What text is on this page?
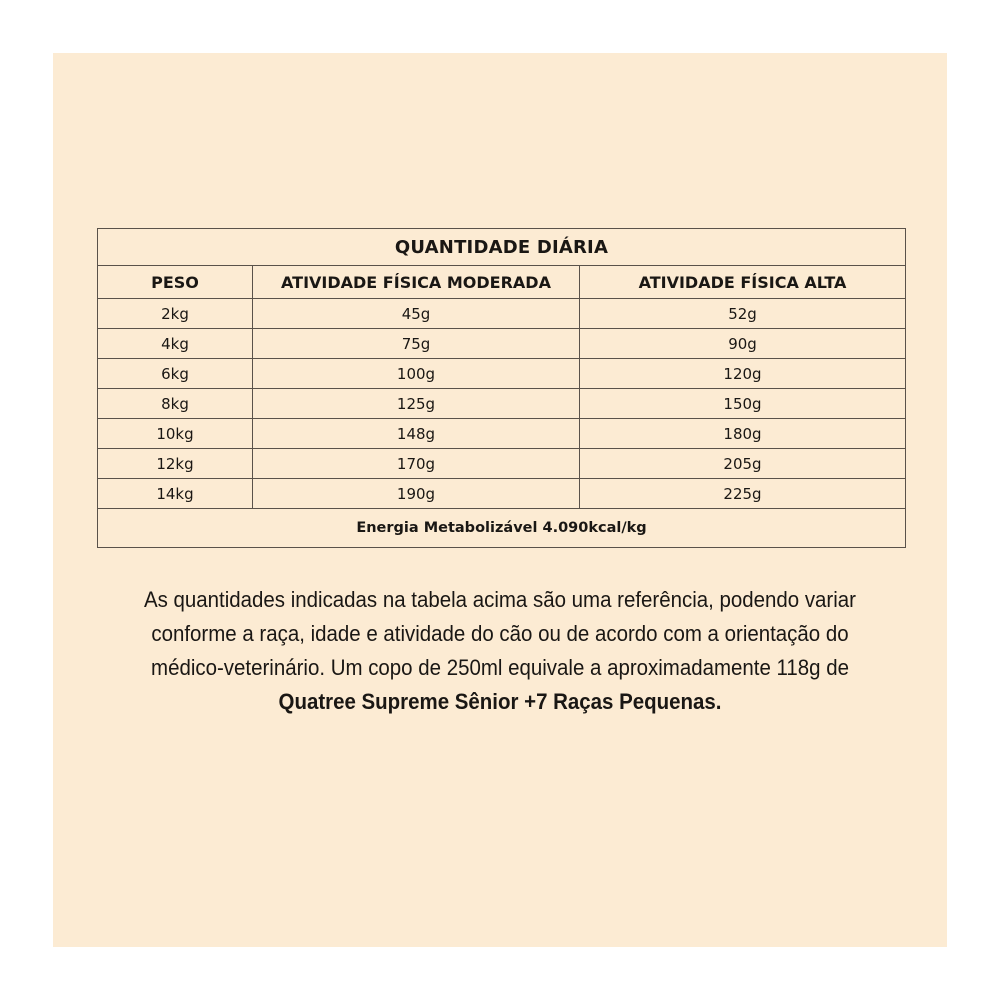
QUANTIDADE DIÁRIA		
PESO	ATIVIDADE FÍSICA MODERADA	ATIVIDADE FÍSICA ALTA
2kg	45g	52g
4kg	75g	90g
6kg	100g	120g
8kg	125g	150g
10kg	148g	180g
12kg	170g	205g
14kg	190g	225g
Energia Metabolizável 4.090kcal/kg		
As quantidades indicadas na tabela acima são uma referência, podendo variar
conforme a raça, idade e atividade do cão ou de acordo com a orientação do
médico-veterinário. Um copo de 250ml equivale a aproximadamente 118g de
Quatree Supreme Sênior +7 Raças Pequenas.
